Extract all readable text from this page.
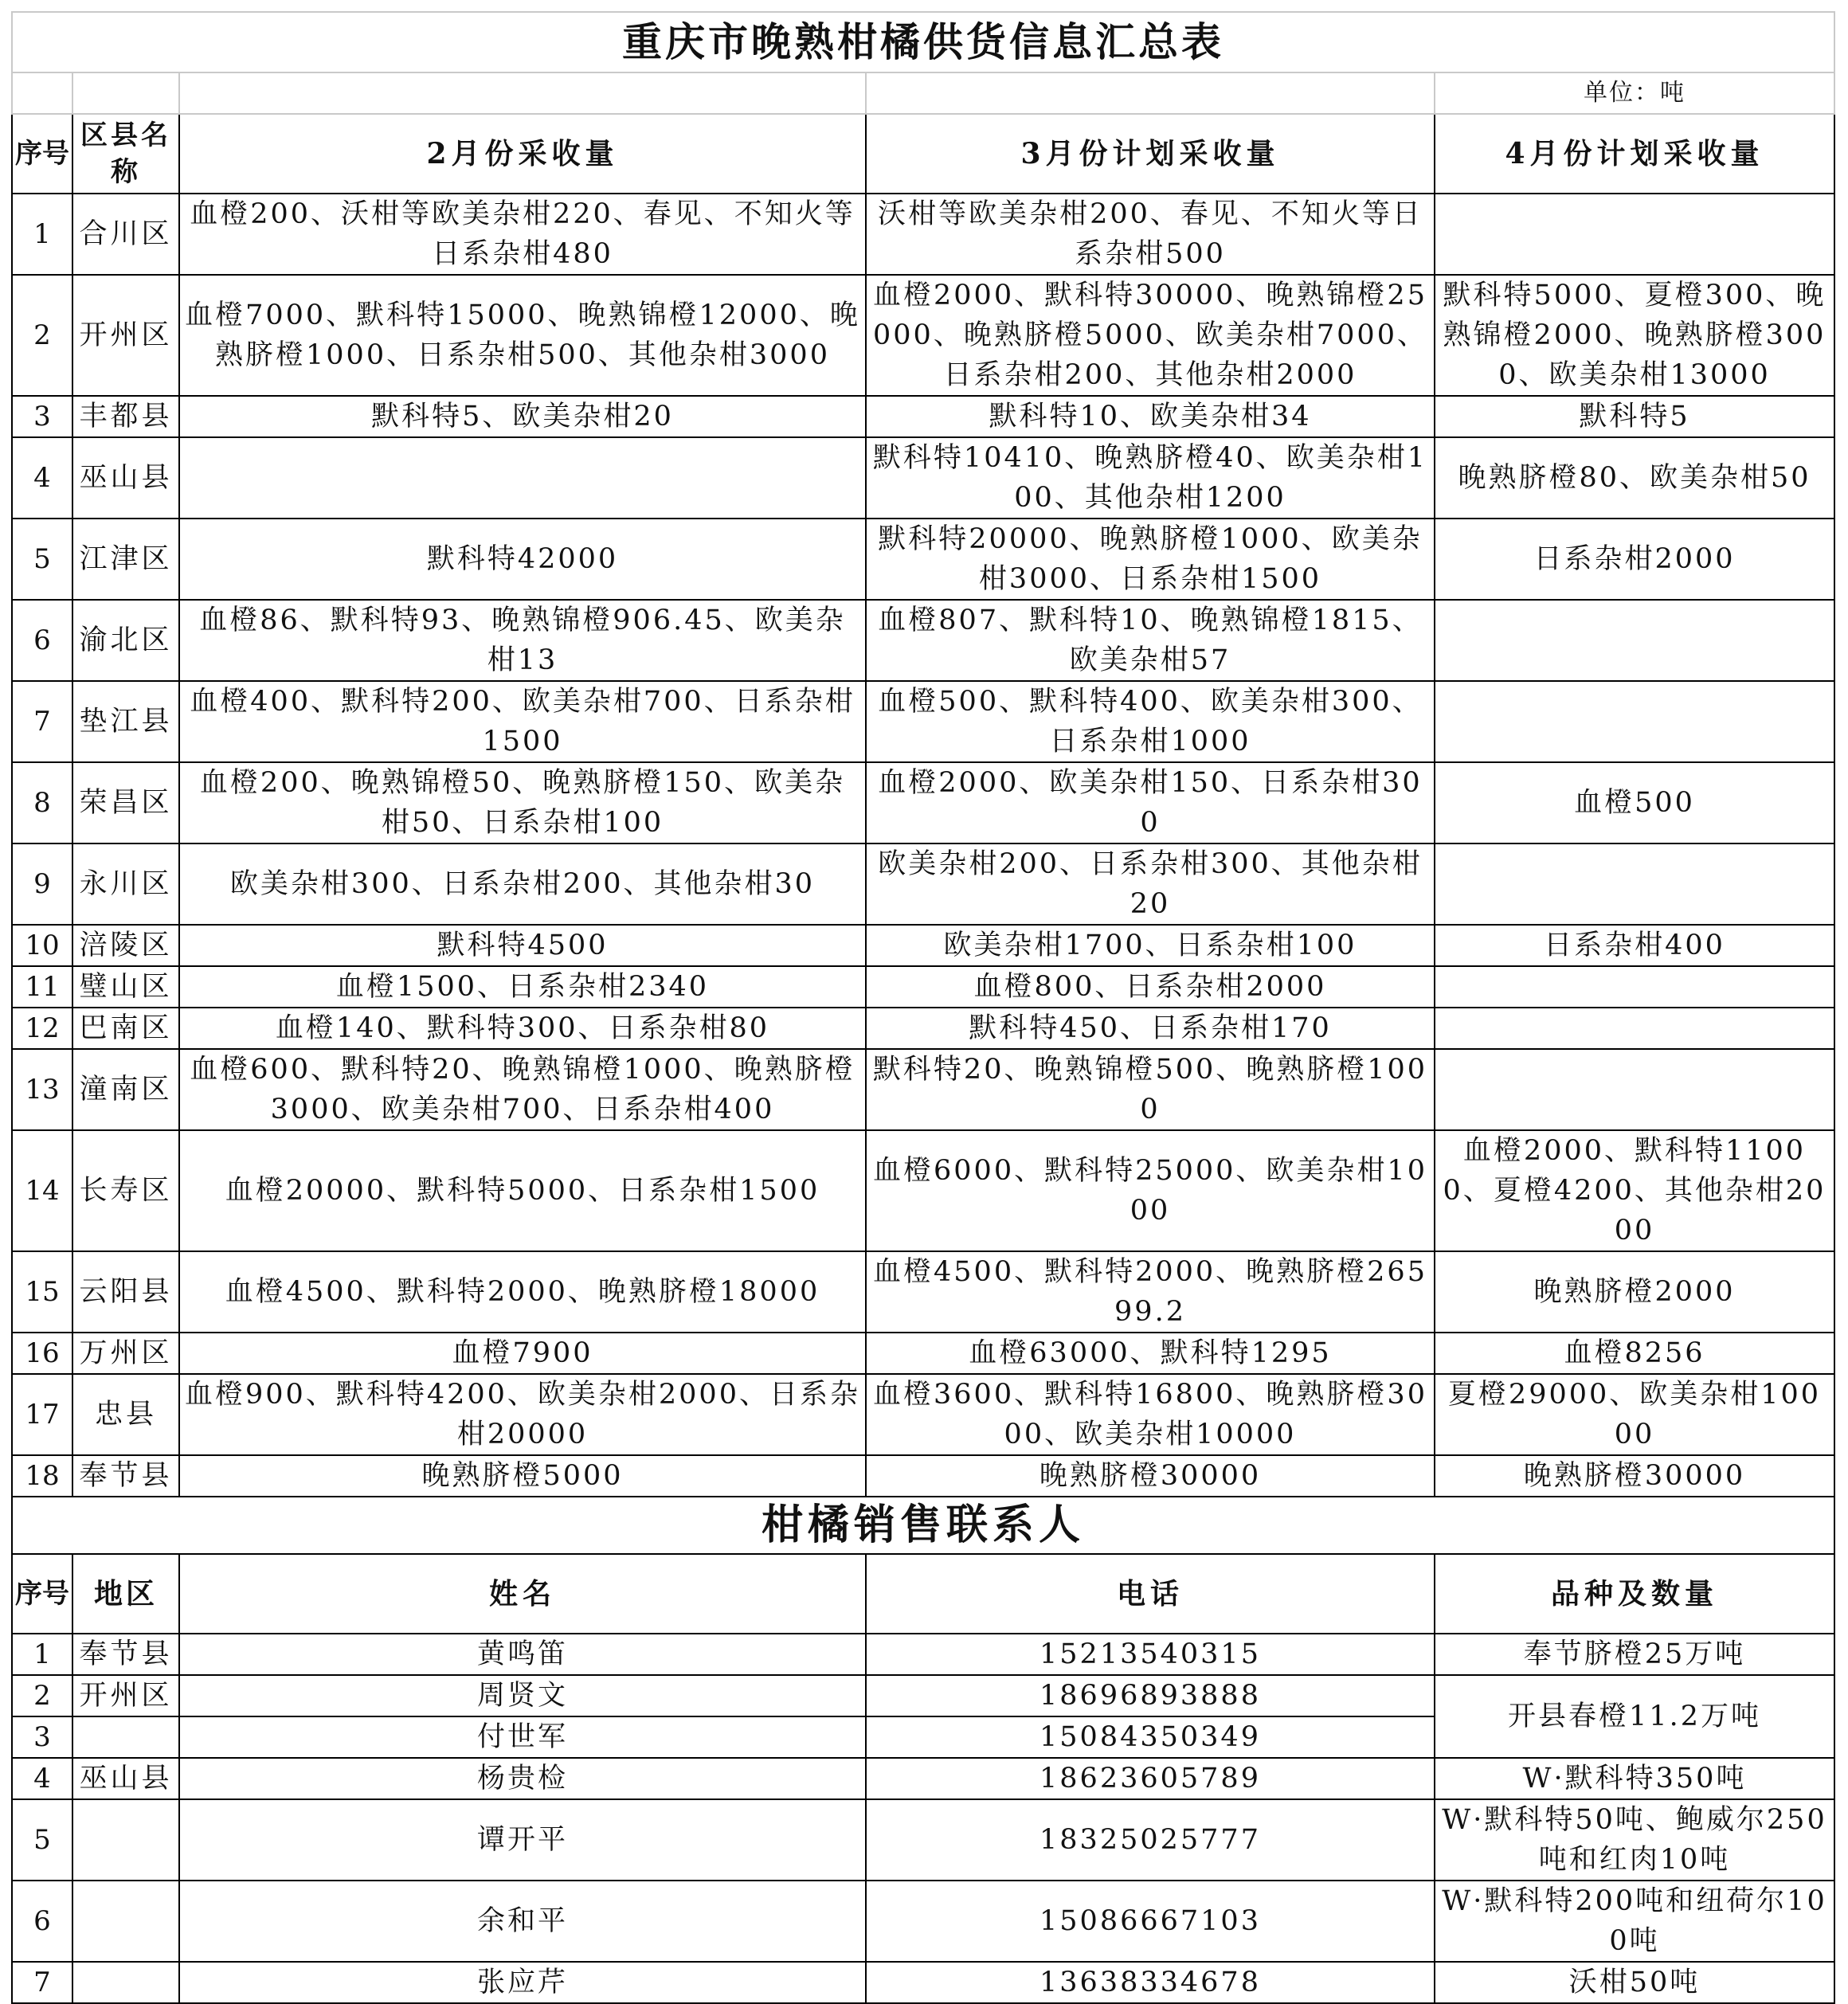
重庆市晚熟柑橘供货信息汇总表				
				单位：吨
序号	区县名称	2月份采收量	3月份计划采收量	4月份计划采收量
1	合川区	血橙200、沃柑等欧美杂柑220、春见、不知火等日系杂柑480	沃柑等欧美杂柑200、春见、不知火等日系杂柑500	
2	开州区	血橙7000、默科特15000、晚熟锦橙12000、晚熟脐橙1000、日系杂柑500、其他杂柑3000	血橙2000、默科特30000、晚熟锦橙25000、晚熟脐橙5000、欧美杂柑7000、日系杂柑200、其他杂柑2000	默科特5000、夏橙300、晚熟锦橙2000、晚熟脐橙3000、欧美杂柑13000
3	丰都县	默科特5、欧美杂柑20	默科特10、欧美杂柑34	默科特5
4	巫山县		默科特10410、晚熟脐橙40、欧美杂柑100、其他杂柑1200	晚熟脐橙80、欧美杂柑50
5	江津区	默科特42000	默科特20000、晚熟脐橙1000、欧美杂柑3000、日系杂柑1500	日系杂柑2000
6	渝北区	血橙86、默科特93、晚熟锦橙906.45、欧美杂柑13	血橙807、默科特10、晚熟锦橙1815、欧美杂柑57	
7	垫江县	血橙400、默科特200、欧美杂柑700、日系杂柑1500	血橙500、默科特400、欧美杂柑300、日系杂柑1000	
8	荣昌区	血橙200、晚熟锦橙50、晚熟脐橙150、欧美杂柑50、日系杂柑100	血橙2000、欧美杂柑150、日系杂柑300	血橙500
9	永川区	欧美杂柑300、日系杂柑200、其他杂柑30	欧美杂柑200、日系杂柑300、其他杂柑20	
10	涪陵区	默科特4500	欧美杂柑1700、日系杂柑100	日系杂柑400
11	璧山区	血橙1500、日系杂柑2340	血橙800、日系杂柑2000	
12	巴南区	血橙140、默科特300、日系杂柑80	默科特450、日系杂柑170	
13	潼南区	血橙600、默科特20、晚熟锦橙1000、晚熟脐橙3000、欧美杂柑700、日系杂柑400	默科特20、晚熟锦橙500、晚熟脐橙1000	
14	长寿区	血橙20000、默科特5000、日系杂柑1500	血橙6000、默科特25000、欧美杂柑1000	血橙2000、默科特11000、夏橙4200、其他杂柑2000
15	云阳县	血橙4500、默科特2000、晚熟脐橙18000	血橙4500、默科特2000、晚熟脐橙26599.2	晚熟脐橙2000
16	万州区	血橙7900	血橙63000、默科特1295	血橙8256
17	忠县	血橙900、默科特4200、欧美杂柑2000、日系杂柑20000	血橙3600、默科特16800、晚熟脐橙3000、欧美杂柑10000	夏橙29000、欧美杂柑10000
18	奉节县	晚熟脐橙5000	晚熟脐橙30000	晚熟脐橙30000
柑橘销售联系人				
序号	地区	姓名	电话	品种及数量
1	奉节县	黄鸣笛	15213540315	奉节脐橙25万吨
2	开州区	周贤文	18696893888	开县春橙11.2万吨
3		付世军	15084350349	
4	巫山县	杨贵检	18623605789	W·默科特350吨
5		谭开平	18325025777	W·默科特50吨、鲍威尔250吨和红肉10吨
6		余和平	15086667103	W·默科特200吨和纽荷尔100吨
7		张应芹	13638334678	沃柑50吨
